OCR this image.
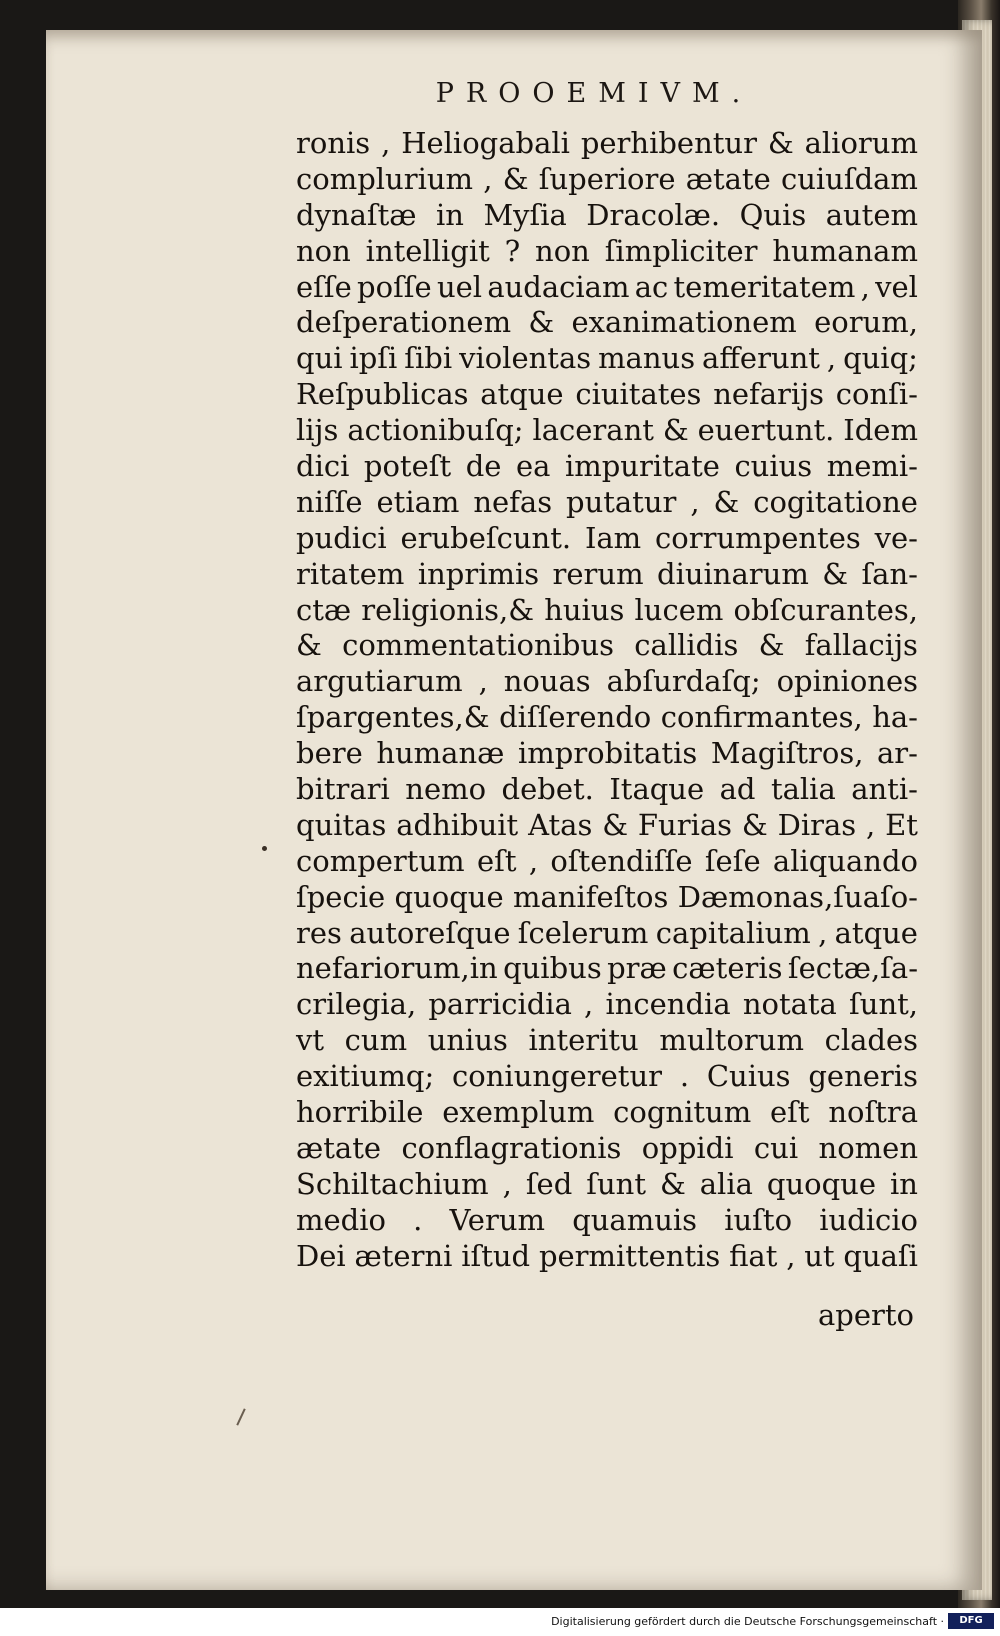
PROOEMIVM.
ronis , Heliogabali perhibentur & aliorum
complurium , & ſuperiore ætate cuiuſdam
dynaſtæ in Myſia Dracolæ. Quis autem
non intelligit ? non ſimpliciter humanam
eſſe poſſe uel audaciam ac temeritatem , vel
deſperationem & exanimationem eorum,
qui ipſi ſibi violentas manus afferunt , quiq;
Reſpublicas atque ciuitates nefarijs conſi-
lijs actionibuſq; lacerant & euertunt. Idem
dici poteſt de ea impuritate cuius memi-
niſſe etiam nefas putatur , & cogitatione
pudici erubeſcunt. Iam corrumpentes ve-
ritatem inprimis rerum diuinarum & ſan-
ctæ religionis,& huius lucem obſcurantes,
& commentationibus callidis & fallacijs
argutiarum , nouas abſurdaſq; opiniones
ſpargentes,& diſſerendo confirmantes, ha-
bere humanæ improbitatis Magiſtros, ar-
bitrari nemo debet. Itaque ad talia anti-
quitas adhibuit Atas & Furias & Diras , Et
compertum eſt , oſtendiſſe ſeſe aliquando
ſpecie quoque manifeſtos Dæmonas,ſuaſo-
res autoreſque ſcelerum capitalium , atque
nefariorum,in quibus præ cæteris ſectæ,ſa-
crilegia, parricidia , incendia notata ſunt,
vt cum unius interitu multorum clades
exitiumq; coniungeretur . Cuius generis
horribile exemplum cognitum eſt noſtra
ætate conflagrationis oppidi cui nomen
Schiltachium , ſed ſunt & alia quoque in
medio . Verum quamuis iuſto iudicio
Dei æterni iſtud permittentis fiat , ut quaſi
aperto
Digitalisierung gefördert durch die Deutsche Forschungsgemeinschaft ·	DFG
